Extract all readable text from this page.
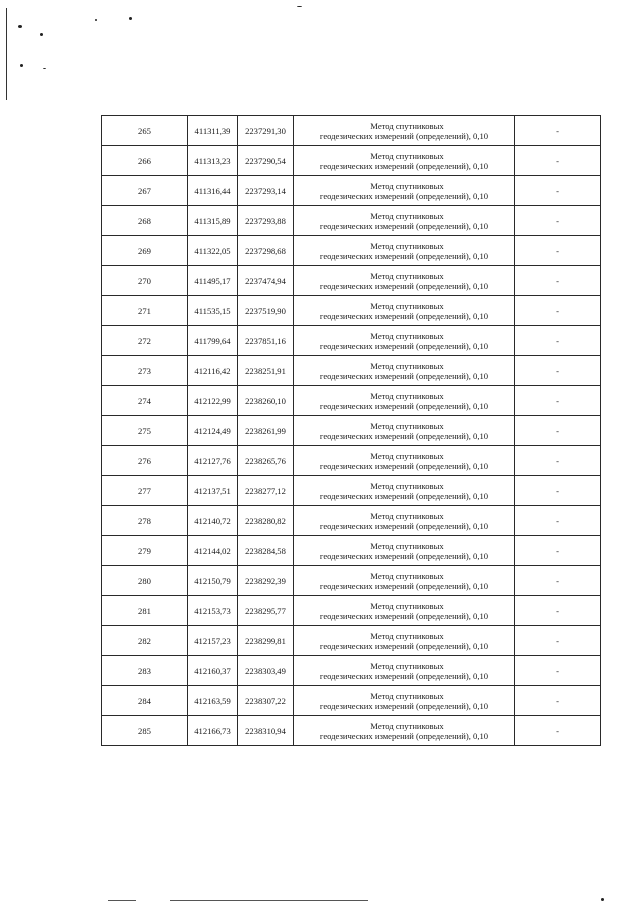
265	411311,39	2237291,30	Метод спутниковых
геодезических измерений (определений), 0,10	-
266	411313,23	2237290,54	Метод спутниковых
геодезических измерений (определений), 0,10	-
267	411316,44	2237293,14	Метод спутниковых
геодезических измерений (определений), 0,10	-
268	411315,89	2237293,88	Метод спутниковых
геодезических измерений (определений), 0,10	-
269	411322,05	2237298,68	Метод спутниковых
геодезических измерений (определений), 0,10	-
270	411495,17	2237474,94	Метод спутниковых
геодезических измерений (определений), 0,10	-
271	411535,15	2237519,90	Метод спутниковых
геодезических измерений (определений), 0,10	-
272	411799,64	2237851,16	Метод спутниковых
геодезических измерений (определений), 0,10	-
273	412116,42	2238251,91	Метод спутниковых
геодезических измерений (определений), 0,10	-
274	412122,99	2238260,10	Метод спутниковых
геодезических измерений (определений), 0,10	-
275	412124,49	2238261,99	Метод спутниковых
геодезических измерений (определений), 0,10	-
276	412127,76	2238265,76	Метод спутниковых
геодезических измерений (определений), 0,10	-
277	412137,51	2238277,12	Метод спутниковых
геодезических измерений (определений), 0,10	-
278	412140,72	2238280,82	Метод спутниковых
геодезических измерений (определений), 0,10	-
279	412144,02	2238284,58	Метод спутниковых
геодезических измерений (определений), 0,10	-
280	412150,79	2238292,39	Метод спутниковых
геодезических измерений (определений), 0,10	-
281	412153,73	2238295,77	Метод спутниковых
геодезических измерений (определений), 0,10	-
282	412157,23	2238299,81	Метод спутниковых
геодезических измерений (определений), 0,10	-
283	412160,37	2238303,49	Метод спутниковых
геодезических измерений (определений), 0,10	-
284	412163,59	2238307,22	Метод спутниковых
геодезических измерений (определений), 0,10	-
285	412166,73	2238310,94	Метод спутниковых
геодезических измерений (определений), 0,10	-
